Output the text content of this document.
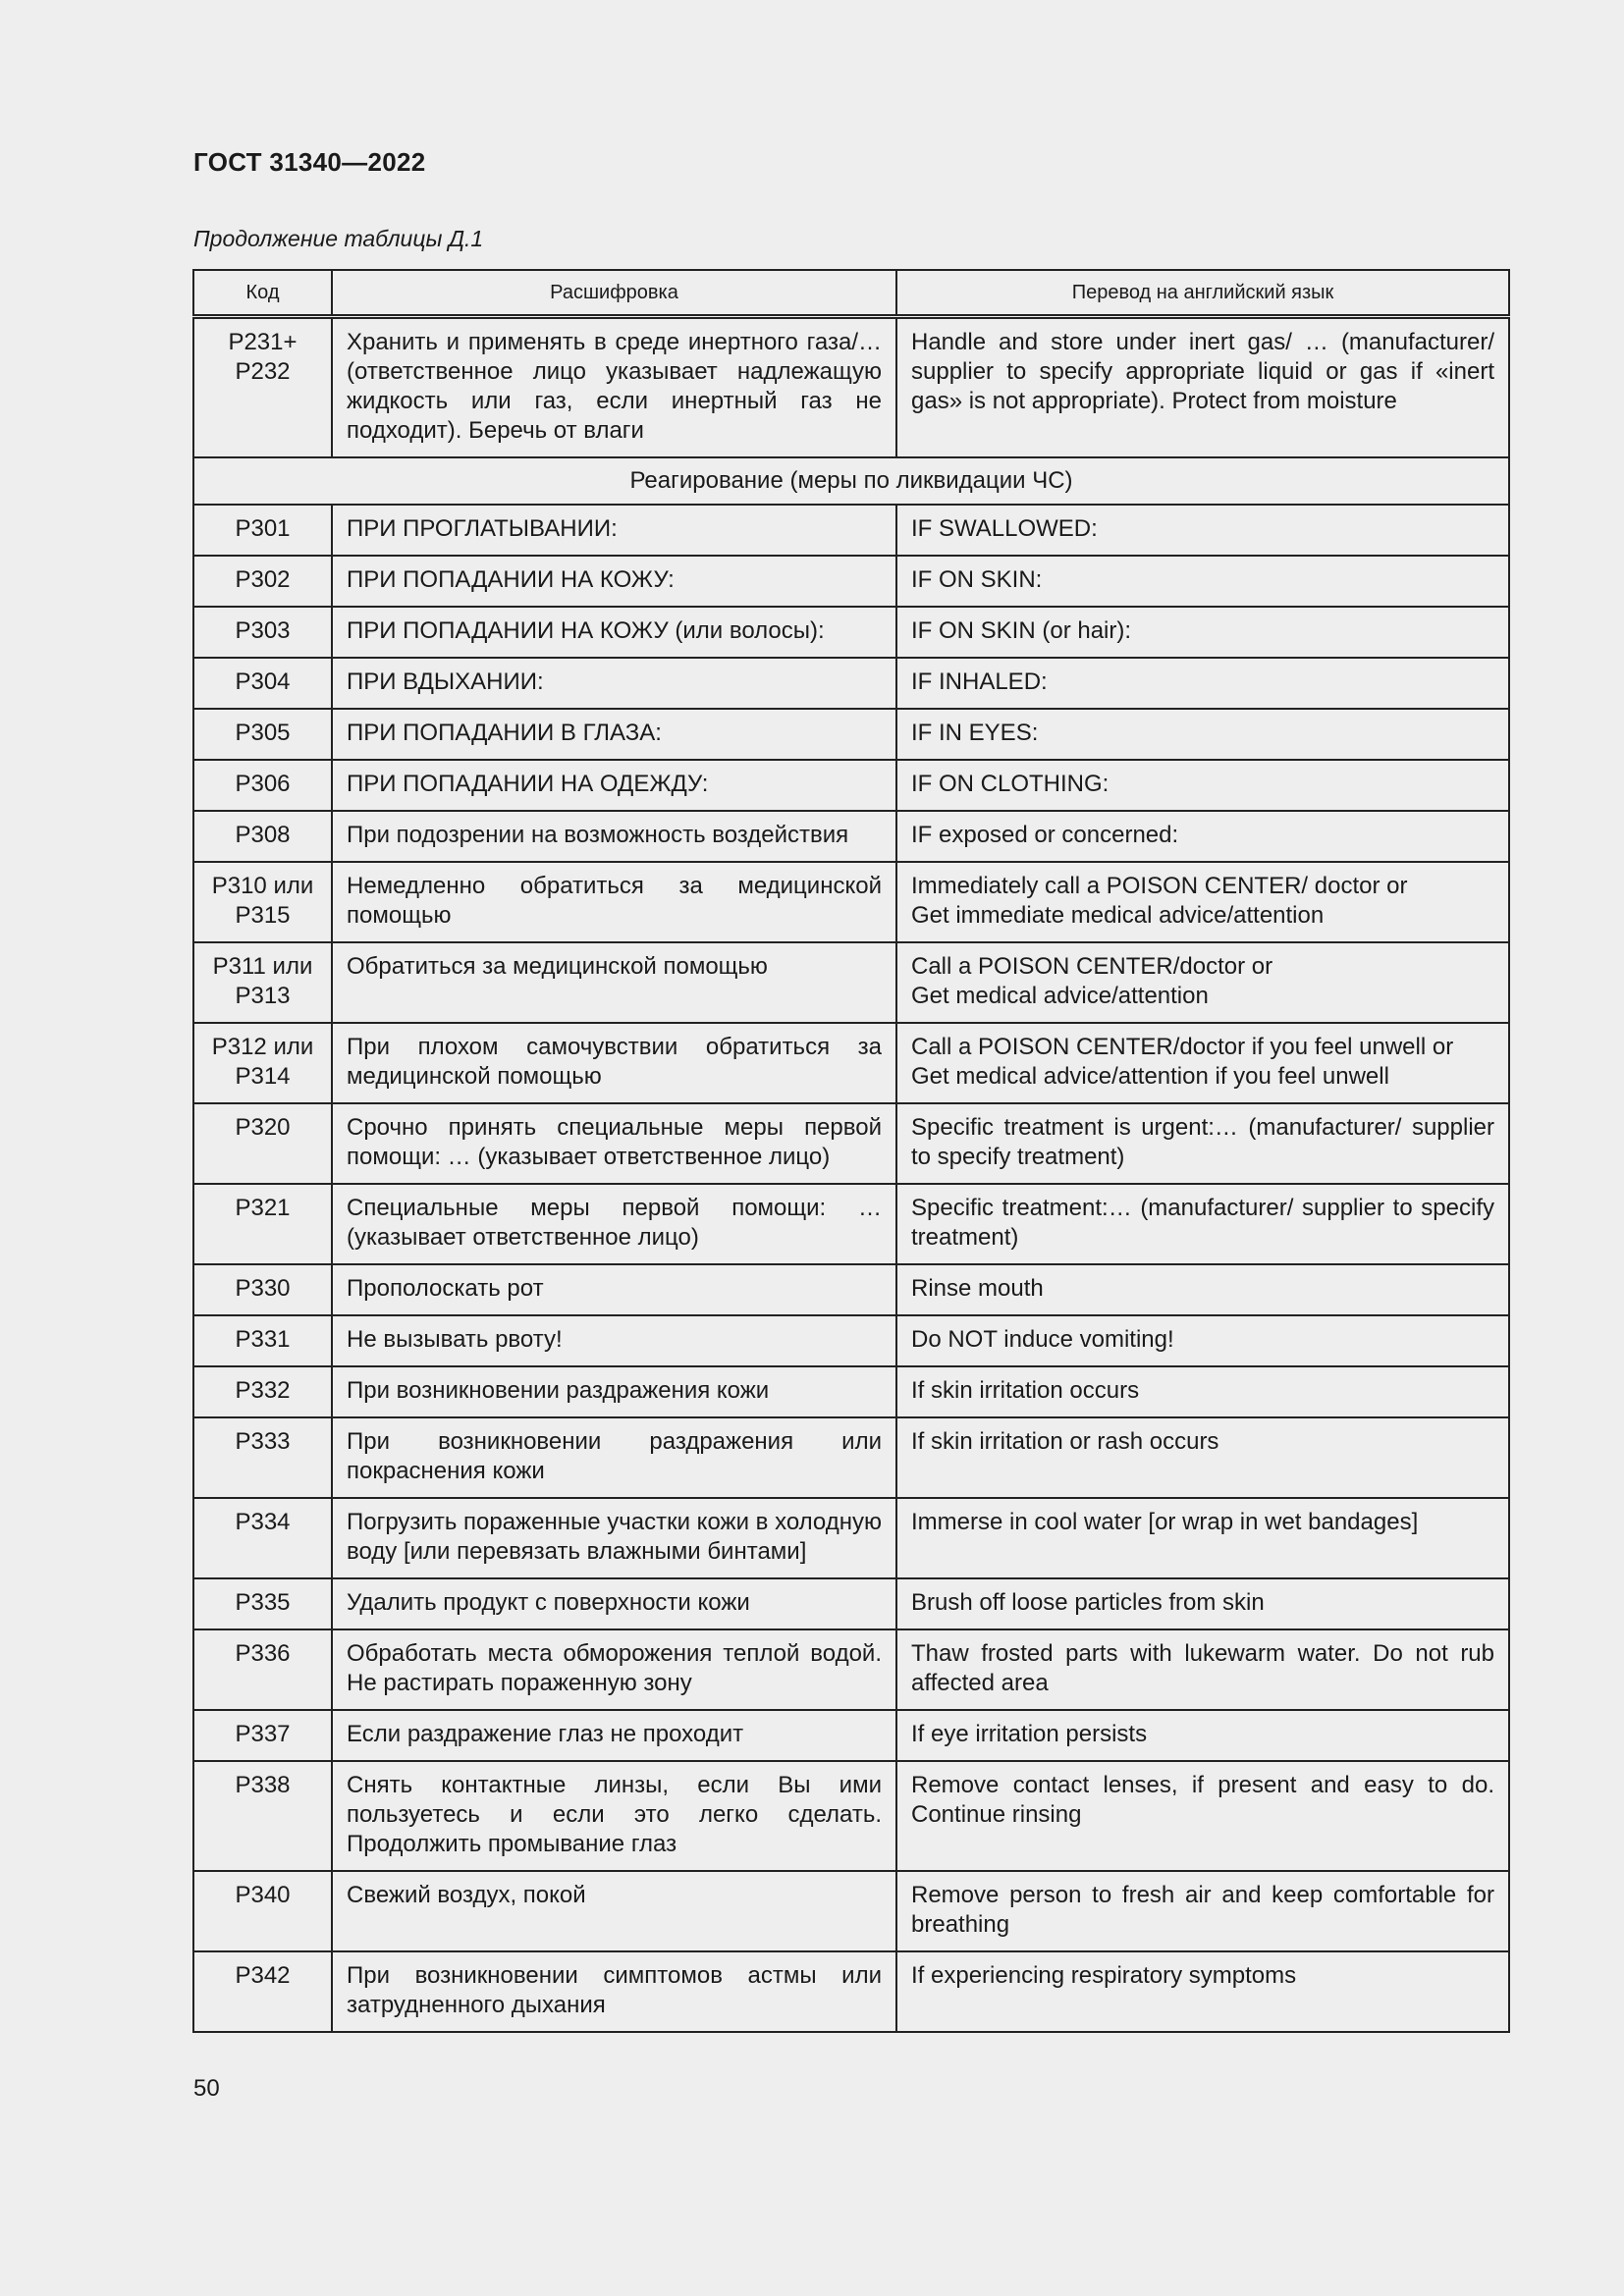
ГОСТ 31340—2022
Продолжение таблицы Д.1
Код	Расшифровка	Перевод на английский язык
P231+ P232	Хранить и применять в среде инертного газа/… (ответственное лицо указывает надлежащую жидкость или газ, если инертный газ не подходит). Беречь от влаги	Handle and store under inert gas/ … (manufacturer/ supplier to specify appropriate liquid or gas if «inert gas» is not appropriate). Protect from moisture
Реагирование (меры по ликвидации ЧС)		
P301	ПРИ ПРОГЛАТЫВАНИИ:	IF SWALLOWED:
P302	ПРИ ПОПАДАНИИ НА КОЖУ:	IF ON SKIN:
P303	ПРИ ПОПАДАНИИ НА КОЖУ (или волосы):	IF ON SKIN (or hair):
P304	ПРИ ВДЫХАНИИ:	IF INHALED:
P305	ПРИ ПОПАДАНИИ В ГЛАЗА:	IF IN EYES:
P306	ПРИ ПОПАДАНИИ НА ОДЕЖДУ:	IF ON CLOTHING:
P308	При подозрении на возможность воздействия	IF exposed or concerned:
P310 или P315	Немедленно обратиться за медицинской помощью	Immediately call a POISON CENTER/ doctor or
Get immediate medical advice/attention
P311 или P313	Обратиться за медицинской помощью	Call a POISON CENTER/doctor or
Get medical advice/attention
P312 или P314	При плохом самочувствии обратиться за медицинской помощью	Call a POISON CENTER/doctor if you feel unwell or
Get medical advice/attention if you feel unwell
P320	Срочно принять специальные меры первой помощи: … (указывает ответственное лицо)	Specific treatment is urgent:… (manufacturer/ supplier to specify treatment)
P321	Специальные меры первой помощи: … (указывает ответственное лицо)	Specific treatment:… (manufacturer/ supplier to specify treatment)
P330	Прополоскать рот	Rinse mouth
P331	Не вызывать рвоту!	Do NOT induce vomiting!
P332	При возникновении раздражения кожи	If skin irritation occurs
P333	При возникновении раздражения или покраснения кожи	If skin irritation or rash occurs
P334	Погрузить пораженные участки кожи в холодную воду [или перевязать влажными бинтами]	Immerse in cool water [or wrap in wet bandages]
P335	Удалить продукт с поверхности кожи	Brush off loose particles from skin
P336	Обработать места обморожения теплой водой. Не растирать пораженную зону	Thaw frosted parts with lukewarm water. Do not rub affected area
P337	Если раздражение глаз не проходит	If eye irritation persists
P338	Снять контактные линзы, если Вы ими пользуетесь и если это легко сделать. Продолжить промывание глаз	Remove contact lenses, if present and easy to do. Continue rinsing
P340	Свежий воздух, покой	Remove person to fresh air and keep comfortable for breathing
P342	При возникновении симптомов астмы или затрудненного дыхания	If experiencing respiratory symptoms
50
